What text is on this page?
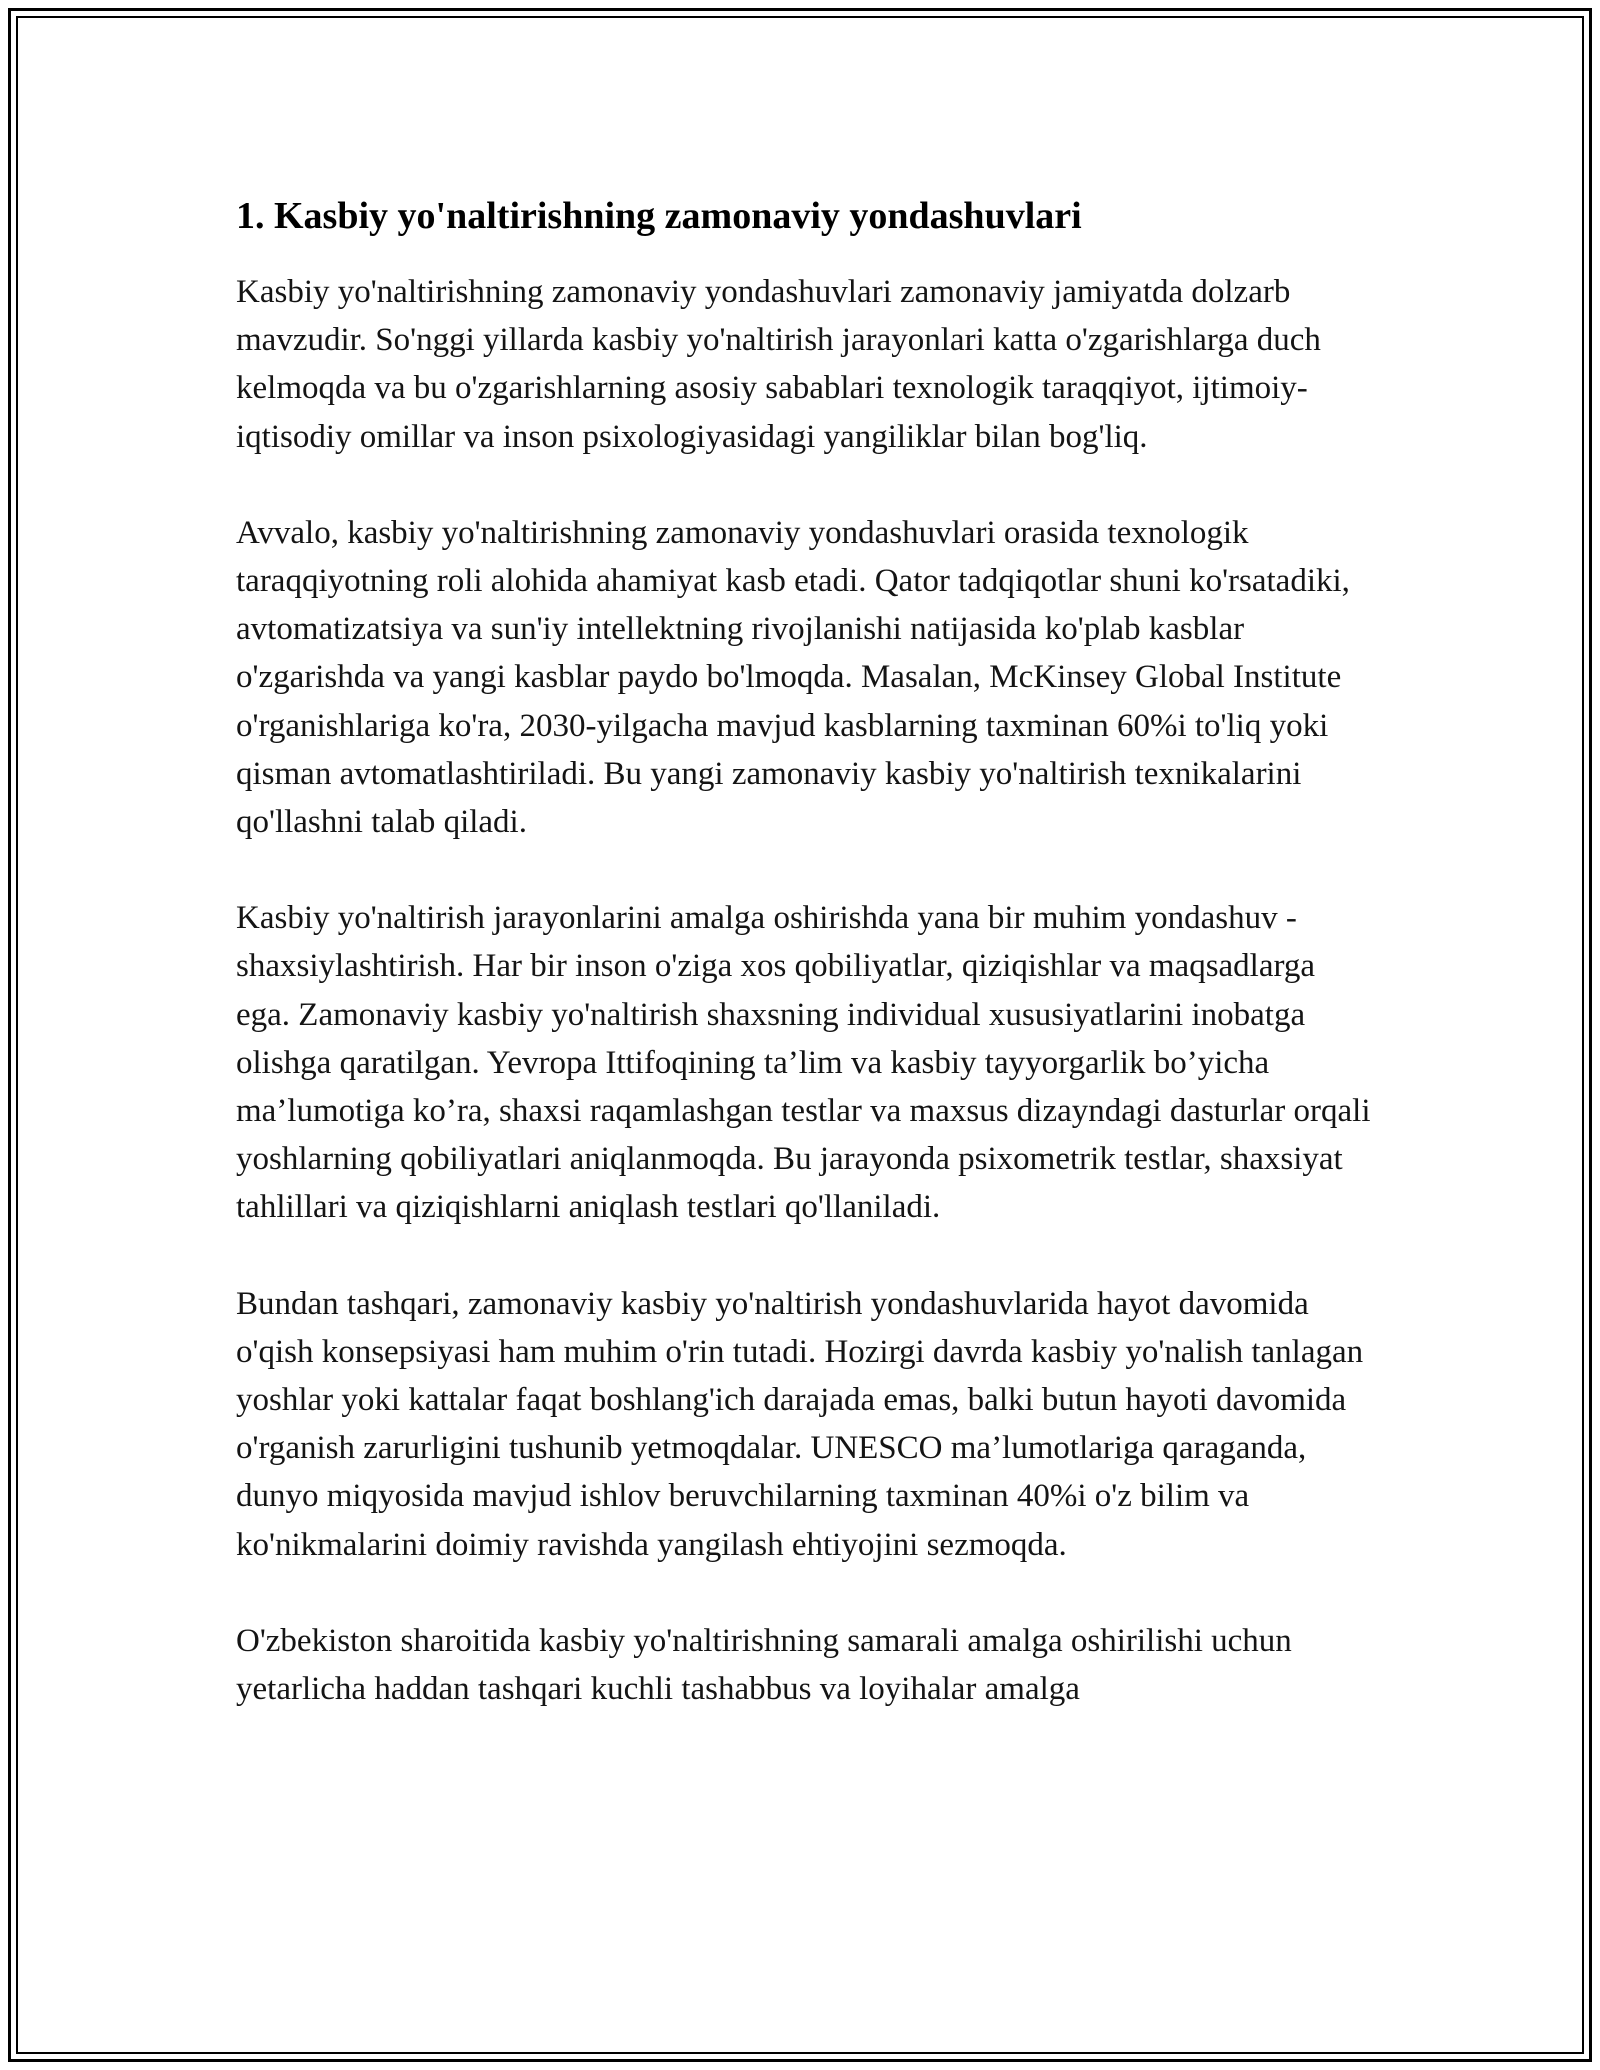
1. Kasbiy yo'naltirishning zamonaviy yondashuvlari

Kasbiy yo'naltirishning zamonaviy yondashuvlari zamonaviy jamiyatda dolzarb mavzudir. So'nggi yillarda kasbiy yo'naltirish jarayonlari katta o'zgarishlarga duch kelmoqda va bu o'zgarishlarning asosiy sabablari texnologik taraqqiyot, ijtimoiy-iqtisodiy omillar va inson psixologiyasidagi yangiliklar bilan bog'liq.

Avvalo, kasbiy yo'naltirishning zamonaviy yondashuvlari orasida texnologik taraqqiyotning roli alohida ahamiyat kasb etadi. Qator tadqiqotlar shuni ko'rsatadiki, avtomatizatsiya va sun'iy intellektning rivojlanishi natijasida ko'plab kasblar o'zgarishda va yangi kasblar paydo bo'lmoqda. Masalan, McKinsey Global Institute o'rganishlariga ko'ra, 2030-yilgacha mavjud kasblarning taxminan 60%i to'liq yoki qisman avtomatlashtiriladi. Bu yangi zamonaviy kasbiy yo'naltirish texnikalarini qo'llashni talab qiladi.

Kasbiy yo'naltirish jarayonlarini amalga oshirishda yana bir muhim yondashuv - shaxsiylashtirish. Har bir inson o'ziga xos qobiliyatlar, qiziqishlar va maqsadlarga ega. Zamonaviy kasbiy yo'naltirish shaxsning individual xususiyatlarini inobatga olishga qaratilgan. Yevropa Ittifoqining ta’lim va kasbiy tayyorgarlik bo’yicha ma’lumotiga ko’ra, shaxsi raqamlashgan testlar va maxsus dizayndagi dasturlar orqali yoshlarning qobiliyatlari aniqlanmoqda. Bu jarayonda psixometrik testlar, shaxsiyat tahlillari va qiziqishlarni aniqlash testlari qo'llaniladi.

Bundan tashqari, zamonaviy kasbiy yo'naltirish yondashuvlarida hayot davomida o'qish konsepsiyasi ham muhim o'rin tutadi. Hozirgi davrda kasbiy yo'nalish tanlagan yoshlar yoki kattalar faqat boshlang'ich darajada emas, balki butun hayoti davomida o'rganish zarurligini tushunib yetmoqdalar. UNESCO ma’lumotlariga qaraganda, dunyo miqyosida mavjud ishlov beruvchilarning taxminan 40%i o'z bilim va ko'nikmalarini doimiy ravishda yangilash ehtiyojini sezmoqda.

O'zbekiston sharoitida kasbiy yo'naltirishning samarali amalga oshirilishi uchun yetarlicha haddan tashqari kuchli tashabbus va loyihalar amalga
